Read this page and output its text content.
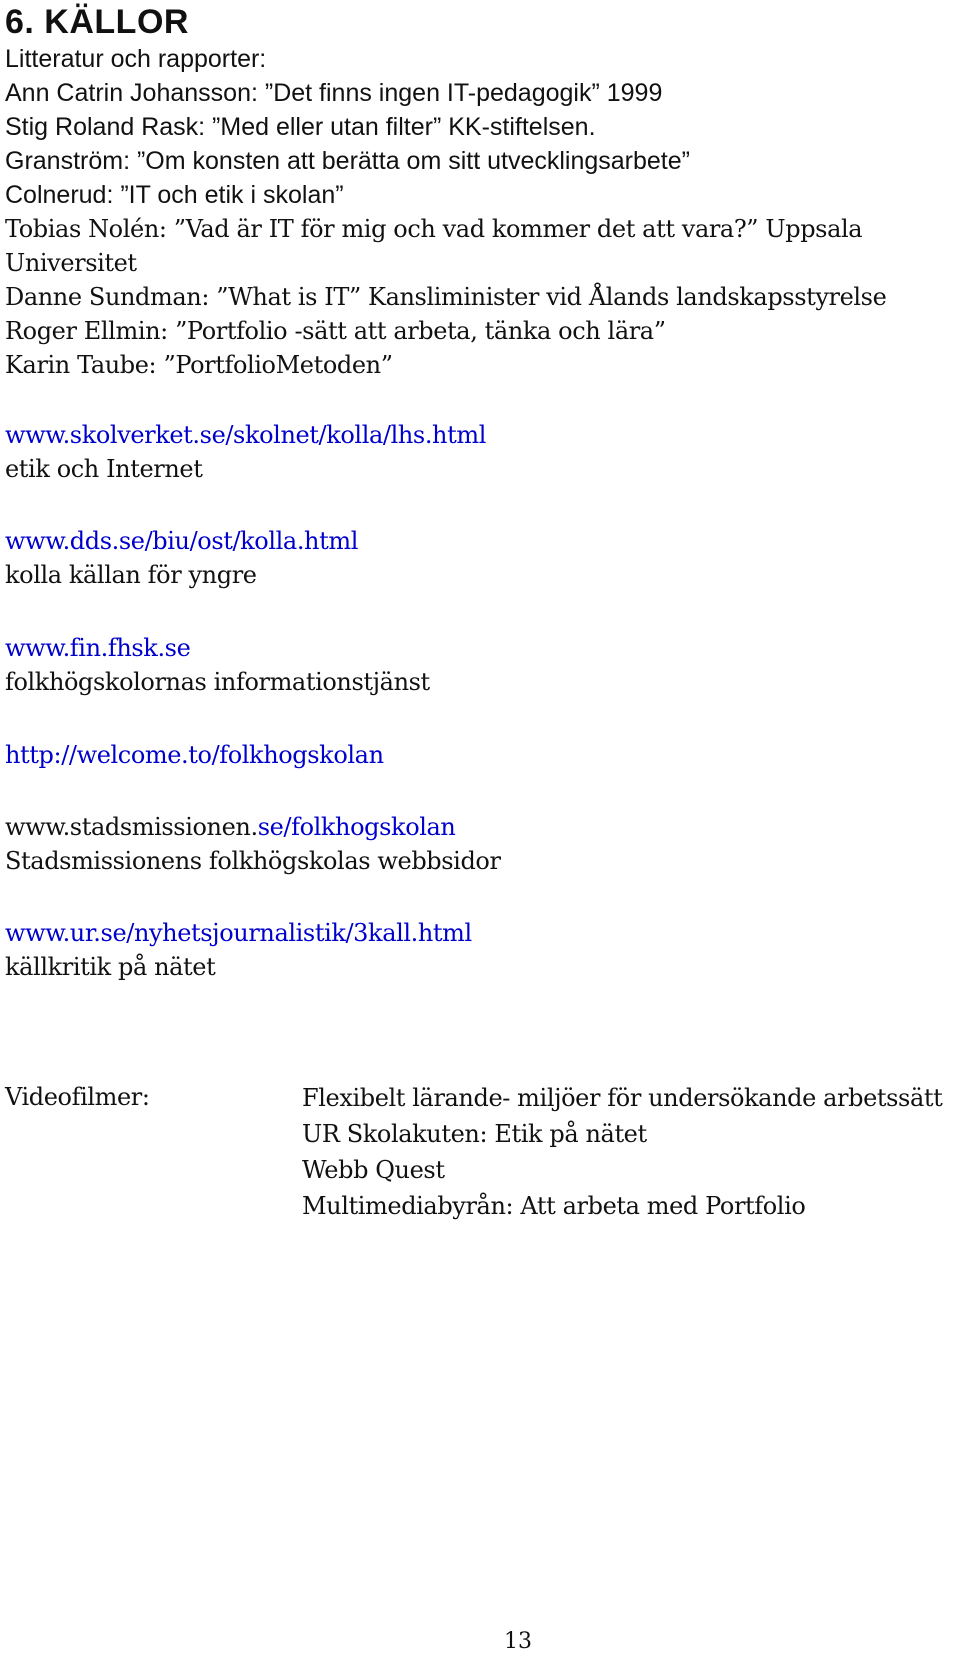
6. KÄLLOR
Litteratur och rapporter:
Ann Catrin Johansson: ”Det finns ingen IT-pedagogik” 1999
Stig Roland Rask: ”Med eller utan filter” KK-stiftelsen.
Granström: ”Om konsten att berätta om sitt utvecklingsarbete”
Colnerud: ”IT och etik i skolan”
Tobias Nolén: ”Vad är IT för mig och vad kommer det att vara?” Uppsala
Universitet
Danne Sundman: ”What is IT” Kansliminister vid Ålands landskapsstyrelse
Roger Ellmin: ”Portfolio -sätt att arbeta, tänka och lära”
Karin Taube: ”PortfolioMetoden”
www.skolverket.se/skolnet/kolla/lhs.html
etik och Internet
www.dds.se/biu/ost/kolla.html
kolla källan för yngre
www.fin.fhsk.se
folkhögskolornas informationstjänst
http://welcome.to/folkhogskolan
www.stadsmissionen.se/folkhogskolan
Stadsmissionens folkhögskolas webbsidor
www.ur.se/nyhetsjournalistik/3kall.html
källkritik på nätet
Videofilmer:	Flexibelt lärande- miljöer för undersökande arbetssätt
UR Skolakuten: Etik på nätet
Webb Quest
Multimediabyrån: Att arbeta med Portfolio
13
